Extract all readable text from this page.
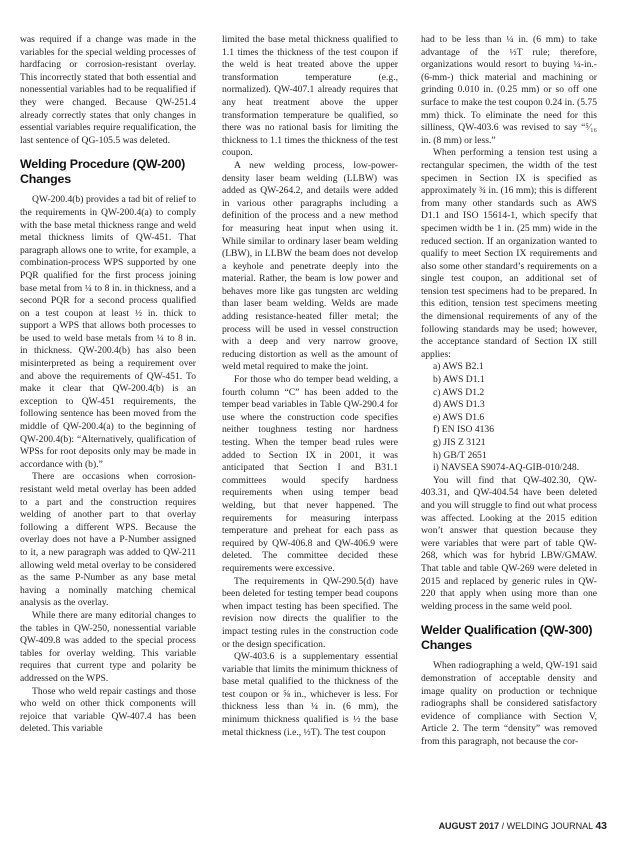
was required if a change was made in the variables for the special welding processes of hardfacing or corrosion-resistant overlay. This incorrectly stated that both essential and nonessential variables had to be requalified if they were changed. Because QW-251.4 already correctly states that only changes in essential variables require requalification, the last sentence of QG-105.5 was deleted.

Welding Procedure (QW-200) Changes

QW-200.4(b) provides a tad bit of relief to the requirements in QW-200.4(a) to comply with the base metal thickness range and weld metal thickness limits of QW-451. That paragraph allows one to write, for example, a combination-process WPS supported by one PQR qualified for the first process joining base metal from ¼ to 8 in. in thickness, and a second PQR for a second process qualified on a test coupon at least ½ in. thick to support a WPS that allows both processes to be used to weld base metals from ¼ to 8 in. in thickness. QW-200.4(b) has also been misinterpreted as being a requirement over and above the requirements of QW-451. To make it clear that QW-200.4(b) is an exception to QW-451 requirements, the following sentence has been moved from the middle of QW-200.4(a) to the beginning of QW-200.4(b): “Alternatively, qualification of WPSs for root deposits only may be made in accordance with (b).”

There are occasions when corrosion-resistant weld metal overlay has been added to a part and the construction requires welding of another part to that overlay following a different WPS. Because the overlay does not have a P-Number assigned to it, a new paragraph was added to QW-211 allowing weld metal overlay to be considered as the same P-Number as any base metal having a nominally matching chemical analysis as the overlay.

While there are many editorial changes to the tables in QW-250, nonessential variable QW-409.8 was added to the special process tables for overlay welding. This variable requires that current type and polarity be addressed on the WPS.

Those who weld repair castings and those who weld on other thick components will rejoice that variable QW-407.4 has been deleted. This variable

limited the base metal thickness qualified to 1.1 times the thickness of the test coupon if the weld is heat treated above the upper transformation temperature (e.g., normalized). QW-407.1 already requires that any heat treatment above the upper transformation temperature be qualified, so there was no rational basis for limiting the thickness to 1.1 times the thickness of the test coupon.

A new welding process, low-power-density laser beam welding (LLBW) was added as QW-264.2, and details were added in various other paragraphs including a definition of the process and a new method for measuring heat input when using it. While similar to ordinary laser beam welding (LBW), in LLBW the beam does not develop a keyhole and penetrate deeply into the material. Rather, the beam is low power and behaves more like gas tungsten arc welding than laser beam welding. Welds are made adding resistance-heated filler metal; the process will be used in vessel construction with a deep and very narrow groove, reducing distortion as well as the amount of weld metal required to make the joint.

For those who do temper bead welding, a fourth column “C” has been added to the temper bead variables in Table QW-290.4 for use where the construction code specifies neither toughness testing nor hardness testing. When the temper bead rules were added to Section IX in 2001, it was anticipated that Section I and B31.1 committees would specify hardness requirements when using temper bead welding, but that never happened. The requirements for measuring interpass temperature and preheat for each pass as required by QW-406.8 and QW-406.9 were deleted. The committee decided these requirements were excessive.

The requirements in QW-290.5(d) have been deleted for testing temper bead coupons when impact testing has been specified. The revision now directs the qualifier to the impact testing rules in the construction code or the design specification.

QW-403.6 is a supplementary essential variable that limits the minimum thickness of base metal qualified to the thickness of the test coupon or ⅝ in., whichever is less. For thickness less than ¼ in. (6 mm), the minimum thickness qualified is ½ the base metal thickness (i.e., ½T). The test coupon

had to be less than ¼ in. (6 mm) to take advantage of the ½T rule; therefore, organizations would resort to buying ¼-in.- (6-mm-) thick material and machining or grinding 0.010 in. (0.25 mm) or so off one surface to make the test coupon 0.24 in. (5.75 mm) thick. To eliminate the need for this silliness, QW-403.6 was revised to say “⁵⁄₁₆ in. (8 mm) or less.”

When performing a tension test using a rectangular specimen, the width of the test specimen in Section IX is specified as approximately ¾ in. (16 mm); this is different from many other standards such as AWS D1.1 and ISO 15614-1, which specify that specimen width be 1 in. (25 mm) wide in the reduced section. If an organization wanted to qualify to meet Section IX requirements and also some other standard’s requirements on a single test coupon, an additional set of tension test specimens had to be prepared. In this edition, tension test specimens meeting the dimensional requirements of any of the following standards may be used; however, the acceptance standard of Section IX still applies:

a) AWS B2.1
b) AWS D1.1
c) AWS D1.2
d) AWS D1.3
e) AWS D1.6
f) EN ISO 4136
g) JIS Z 3121
h) GB/T 2651
i) NAVSEA S9074-AQ-GIB-010/248.

You will find that QW-402.30, QW-403.31, and QW-404.54 have been deleted and you will struggle to find out what process was affected. Looking at the 2015 edition won’t answer that question because they were variables that were part of table QW-268, which was for hybrid LBW/GMAW. That table and table QW-269 were deleted in 2015 and replaced by generic rules in QW-220 that apply when using more than one welding process in the same weld pool.

Welder Qualification (QW-300) Changes

When radiographing a weld, QW-191 said demonstration of acceptable density and image quality on production or technique radiographs shall be considered satisfactory evidence of compliance with Section V, Article 2. The term “density” was removed from this paragraph, not because the cor-

AUGUST 2017 / WELDING JOURNAL 43
